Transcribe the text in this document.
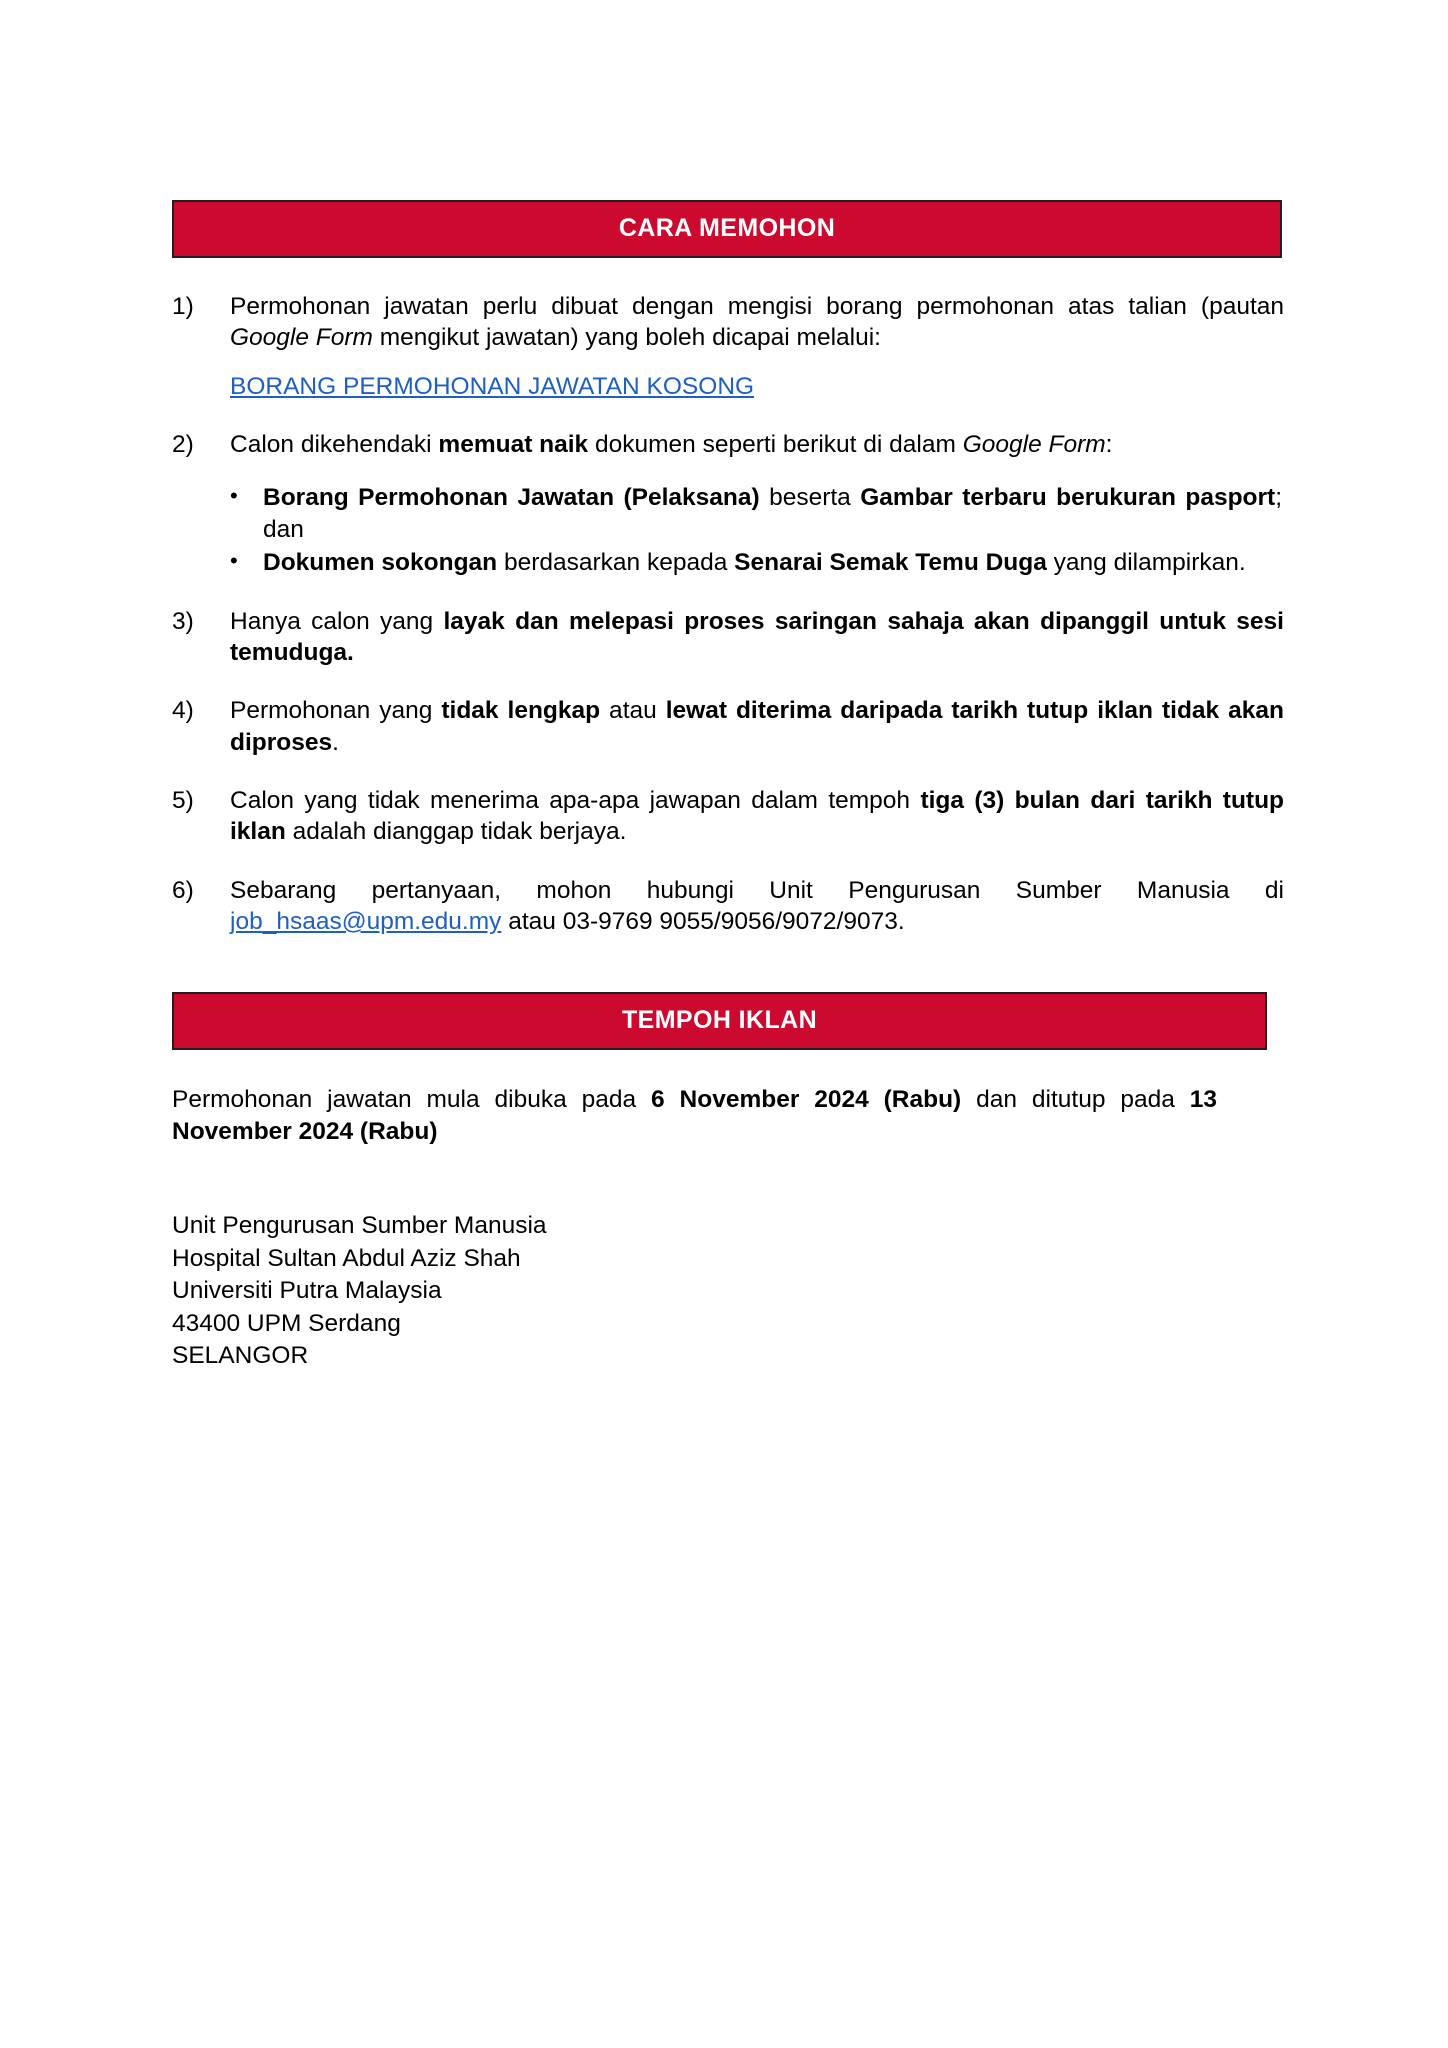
CARA MEMOHON
1)	Permohonan jawatan perlu dibuat dengan mengisi borang permohonan atas talian (pautan Google Form mengikut jawatan) yang boleh dicapai melalui:
BORANG PERMOHONAN JAWATAN KOSONG
2)	Calon dikehendaki memuat naik dokumen seperti berikut di dalam Google Form:
•	Borang Permohonan Jawatan (Pelaksana) beserta Gambar terbaru berukuran pasport; dan
•	Dokumen sokongan berdasarkan kepada Senarai Semak Temu Duga yang dilampirkan.
3)	Hanya calon yang layak dan melepasi proses saringan sahaja akan dipanggil untuk sesi temuduga.
4)	Permohonan yang tidak lengkap atau lewat diterima daripada tarikh tutup iklan tidak akan diproses.
5)	Calon yang tidak menerima apa-apa jawapan dalam tempoh tiga (3) bulan dari tarikh tutup iklan adalah dianggap tidak berjaya.
6)	Sebarang pertanyaan, mohon hubungi Unit Pengurusan Sumber Manusia di job_hsaas@upm.edu.my atau 03-9769 9055/9056/9072/9073.
TEMPOH IKLAN
Permohonan jawatan mula dibuka pada 6 November 2024 (Rabu) dan ditutup pada 13 November 2024 (Rabu)
Unit Pengurusan Sumber Manusia
Hospital Sultan Abdul Aziz Shah
Universiti Putra Malaysia
43400 UPM Serdang
SELANGOR
